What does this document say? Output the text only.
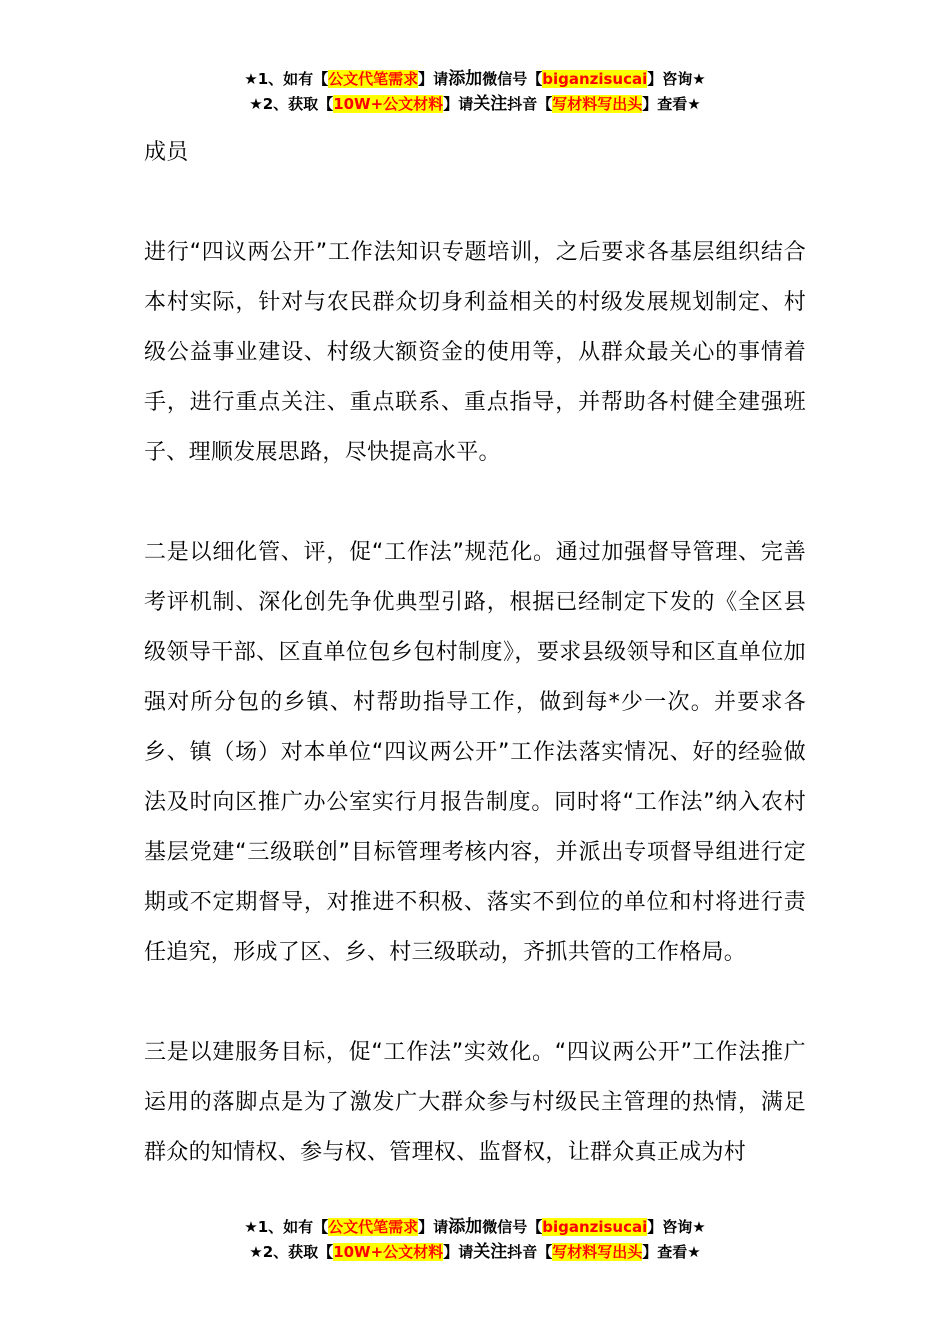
★1、如有【公文代笔需求】请添加微信号【biganzisucai】咨询★
★2、获取【10W+公文材料】请关注抖音【写材料写出头】查看★

成员

进行“四议两公开”工作法知识专题培训，之后要求各基层组织结合本村实际，针对与农民群众切身利益相关的村级发展规划制定、村级公益事业建设、村级大额资金的使用等，从群众最关心的事情着手，进行重点关注、重点联系、重点指导，并帮助各村健全建强班子、理顺发展思路，尽快提高水平。

二是以细化管、评，促“工作法”规范化。通过加强督导管理、完善考评机制、深化创先争优典型引路，根据已经制定下发的《全区县级领导干部、区直单位包乡包村制度》，要求县级领导和区直单位加强对所分包的乡镇、村帮助指导工作，做到每*少一次。并要求各乡、镇（场）对本单位“四议两公开”工作法落实情况、好的经验做法及时向区推广办公室实行月报告制度。同时将“工作法”纳入农村基层党建“三级联创”目标管理考核内容，并派出专项督导组进行定期或不定期督导，对推进不积极、落实不到位的单位和村将进行责任追究，形成了区、乡、村三级联动，齐抓共管的工作格局。

三是以建服务目标，促“工作法”实效化。“四议两公开”工作法推广运用的落脚点是为了激发广大群众参与村级民主管理的热情，满足群众的知情权、参与权、管理权、监督权，让群众真正成为村

★1、如有【公文代笔需求】请添加微信号【biganzisucai】咨询★
★2、获取【10W+公文材料】请关注抖音【写材料写出头】查看★
